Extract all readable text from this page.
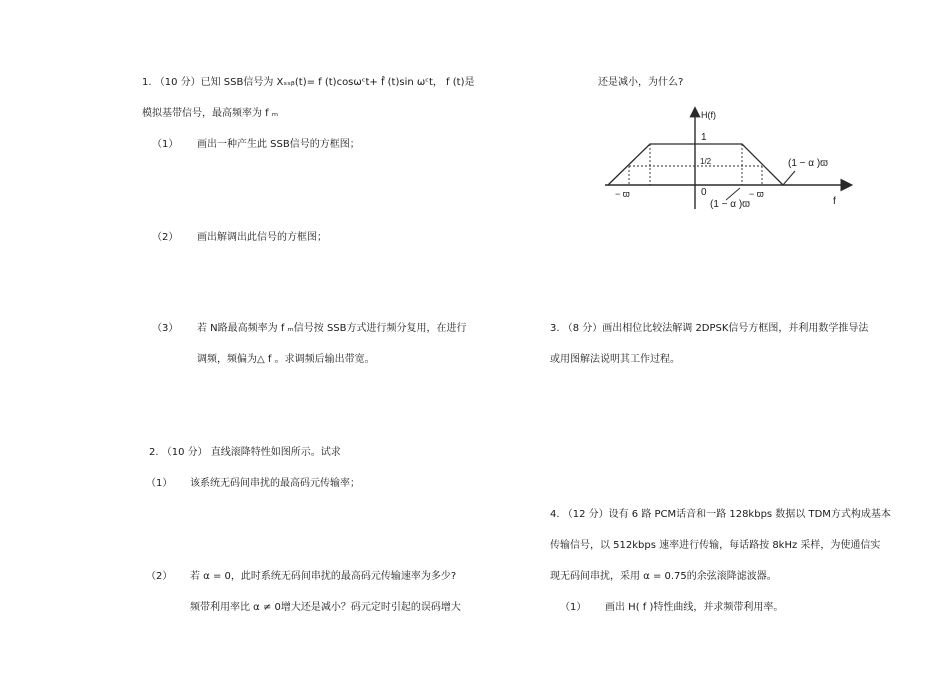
1. （10 分）已知 SSB信号为 Xₛₛᵦ(t)= f (t)cosωᶜt+ f̂ (t)sin ωᶜt， f (t)是
模拟基带信号，最高频率为 f ₘ
（1） 画出一种产生此 SSB信号的方框图；
（2） 画出解调出此信号的方框图；
（3） 若 N路最高频率为 f ₘ信号按 SSB方式进行频分复用，在进行
调频，频偏为△ f 。求调频后输出带宽。
2. （10 分） 直线滚降特性如图所示。试求
（1） 该系统无码间串扰的最高码元传输率；
（2） 若 α = 0，此时系统无码间串扰的最高码元传输速率为多少?
频带利用率比 α ≠ 0增大还是减小？码元定时引起的误码增大
还是减小，为什么?
H(f)
1
1/2
0
− ϖ	− ϖ
(1 − α )ϖ
(1 − α )ϖ
f
3. （8 分）画出相位比较法解调 2DPSK信号方框图，并利用数学推导法
或用图解法说明其工作过程。
4. （12 分）设有 6 路 PCM话音和一路 128kbps 数据以 TDM方式构成基本
传输信号，以 512kbps 速率进行传输，每话路按 8kHz 采样，为使通信实
现无码间串扰，采用 α = 0.75的余弦滚降滤波器。
（1） 画出 H( f )特性曲线，并求频带利用率。
